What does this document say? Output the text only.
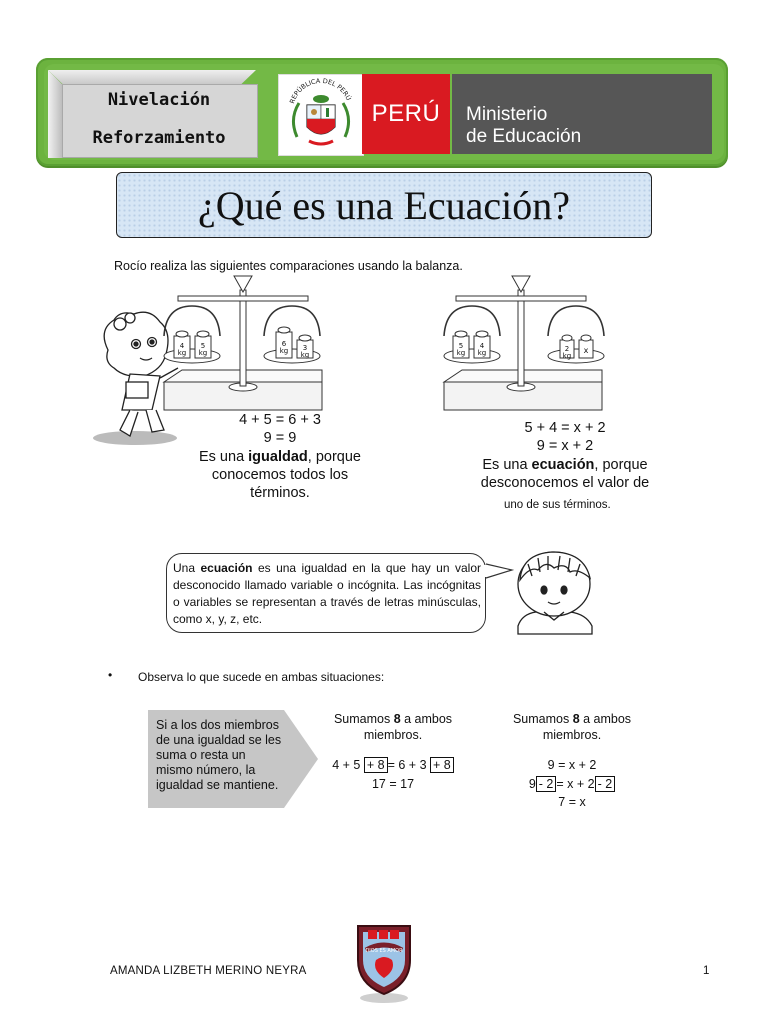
Nivelación
Reforzamiento
REPÚBLICA DEL PERÚ
PERÚ	Ministerio
de Educación
¿Qué es una Ecuación?
Rocío realiza las siguientes comparaciones usando la balanza.
4 kg
5 kg
6 kg 3 kg
5 kg
4 kg	2 kg
x
4 + 5 = 6 + 3
9 = 9
Es una igualdad, porque conocemos todos los términos.
5 + 4 = x + 2
9 = x + 2
Es una ecuación, porque desconocemos el valor de
uno de sus términos.
Una ecuación es una igualdad en la que hay un valor desconocido llamado variable o incógnita. Las incógnitas o variables se representan a través de letras minúsculas, como x, y, z, etc.
• Observa lo que sucede en ambas situaciones:
Si a los dos miembros de una igualdad se les suma o resta un mismo número, la igualdad se mantiene.
Sumamos 8 a ambos miembros.
4 + 5 + 8 = 6 + 3 + 8
17 = 17
Sumamos 8 a ambos miembros.
9 = x + 2
9 - 2 = x + 2 - 2
7 = x
AMANDA LIZBETH MERINO NEYRA
DIOS ES AMOR
1
